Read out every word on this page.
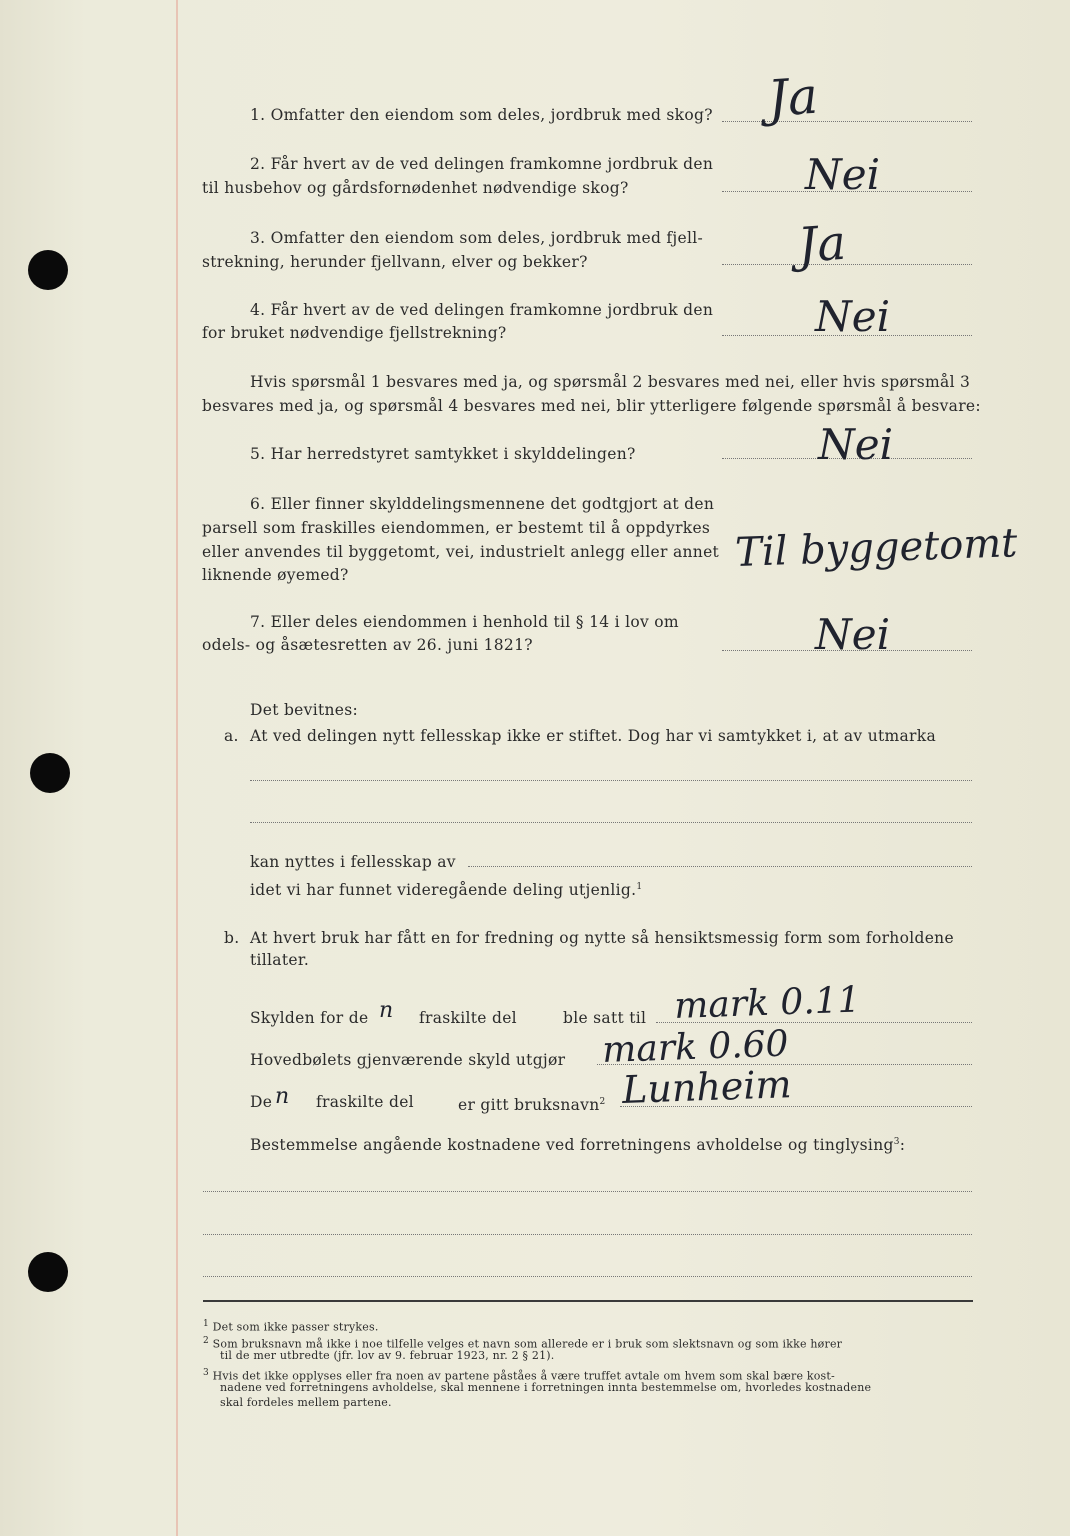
1. Omfatter den eiendom som deles, jordbruk med skog? Ja
2. Får hvert av de ved delingen framkomne jordbruk den
til husbehov og gårdsfornødenhet nødvendige skog?	Nei
3. Omfatter den eiendom som deles, jordbruk med fjell-
strekning, herunder fjellvann, elver og bekker?	Ja
4. Får hvert av de ved delingen framkomne jordbruk den
for bruket nødvendige fjellstrekning?	Nei
Hvis spørsmål 1 besvares med ja, og spørsmål 2 besvares med nei, eller hvis spørsmål 3
besvares med ja, og spørsmål 4 besvares med nei, blir ytterligere følgende spørsmål å besvare:
5. Har herredstyret samtykket i skylddelingen?	Nei
6. Eller finner skylddelingsmennene det godtgjort at den
parsell som fraskilles eiendommen, er bestemt til å oppdyrkes
eller anvendes til byggetomt, vei, industrielt anlegg eller annet
liknende øyemed?	Til byggetomt
7. Eller deles eiendommen i henhold til § 14 i lov om
odels- og åsætesretten av 26. juni 1821?	Nei
Det bevitnes:
a. At ved delingen nytt fellesskap ikke er stiftet. Dog har vi samtykket i, at av utmarka
kan nyttes i fellesskap av
idet vi har funnet videregående deling utjenlig.$^1$
b. At hvert bruk har fått en for fredning og nytte så hensiktsmessig form som forholdene
tillater.
Skylden for de n fraskilte del	ble satt til mark 0.11
Hovedbølets gjenværende skyld utgjør mark 0.60
De n fraskilte del	er gitt bruksnavn$^2$ Lunheim
Bestemmelse angående kostnadene ved forretningens avholdelse og tinglysing$^3$:
$^1$ Det som ikke passer strykes.
$^2$ Som bruksnavn må ikke i noe tilfelle velges et navn som allerede er i bruk som slektsnavn og som ikke hører
til de mer utbredte (jfr. lov av 9. februar 1923, nr. 2 § 21).
$^3$ Hvis det ikke opplyses eller fra noen av partene påståes å være truffet avtale om hvem som skal bære kost-
nadene ved forretningens avholdelse, skal mennene i forretningen innta bestemmelse om, hvorledes kostnadene
skal fordeles mellem partene.
